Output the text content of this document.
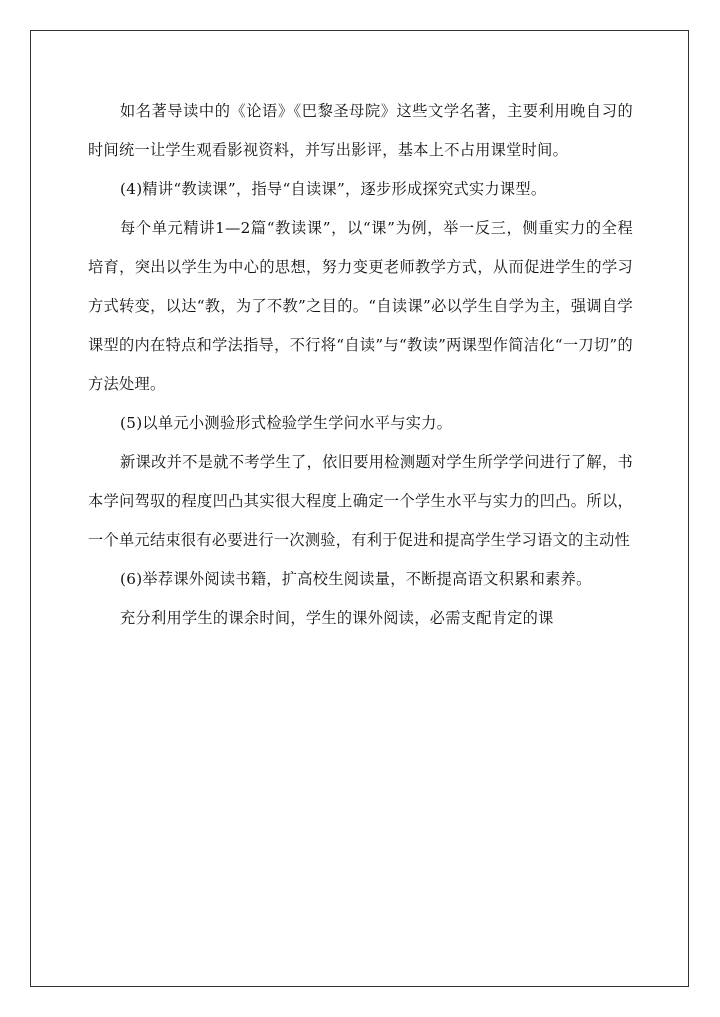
如名著导读中的《论语》《巴黎圣母院》这些文学名著，主要利用晚自习的时间统一让学生观看影视资料，并写出影评，基本上不占用课堂时间。

(4)精讲“教读课”，指导“自读课”，逐步形成探究式实力课型。

每个单元精讲1—2篇“教读课”，以“课”为例，举一反三，侧重实力的全程培育，突出以学生为中心的思想，努力变更老师教学方式，从而促进学生的学习方式转变，以达“教，为了不教”之目的。“自读课”必以学生自学为主，强调自学课型的内在特点和学法指导，不行将“自读”与“教读”两课型作简洁化“一刀切”的方法处理。

(5)以单元小测验形式检验学生学问水平与实力。

新课改并不是就不考学生了，依旧要用检测题对学生所学学问进行了解，书本学问驾驭的程度凹凸其实很大程度上确定一个学生水平与实力的凹凸。所以，一个单元结束很有必要进行一次测验，有利于促进和提高学生学习语文的主动性

(6)举荐课外阅读书籍，扩高校生阅读量，不断提高语文积累和素养。

充分利用学生的课余时间，学生的课外阅读，必需支配肯定的课
